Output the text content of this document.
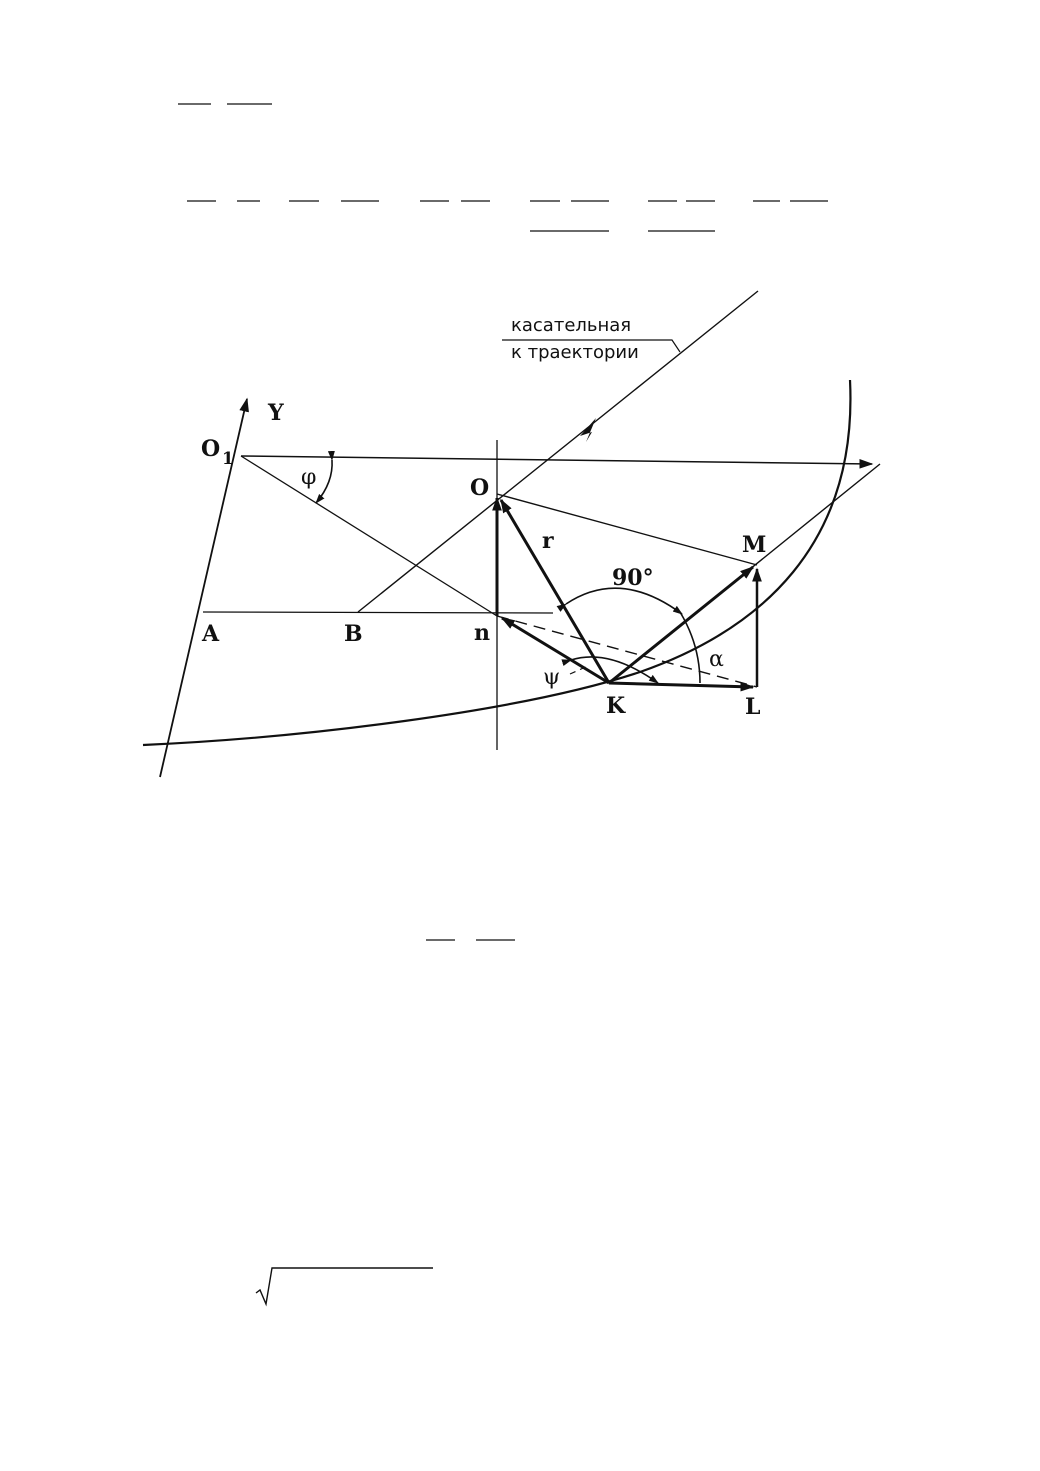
Y
O 1
O
A	B	n
K	L
M
r
φ
ψ
α
90°
касательная
к траектории
